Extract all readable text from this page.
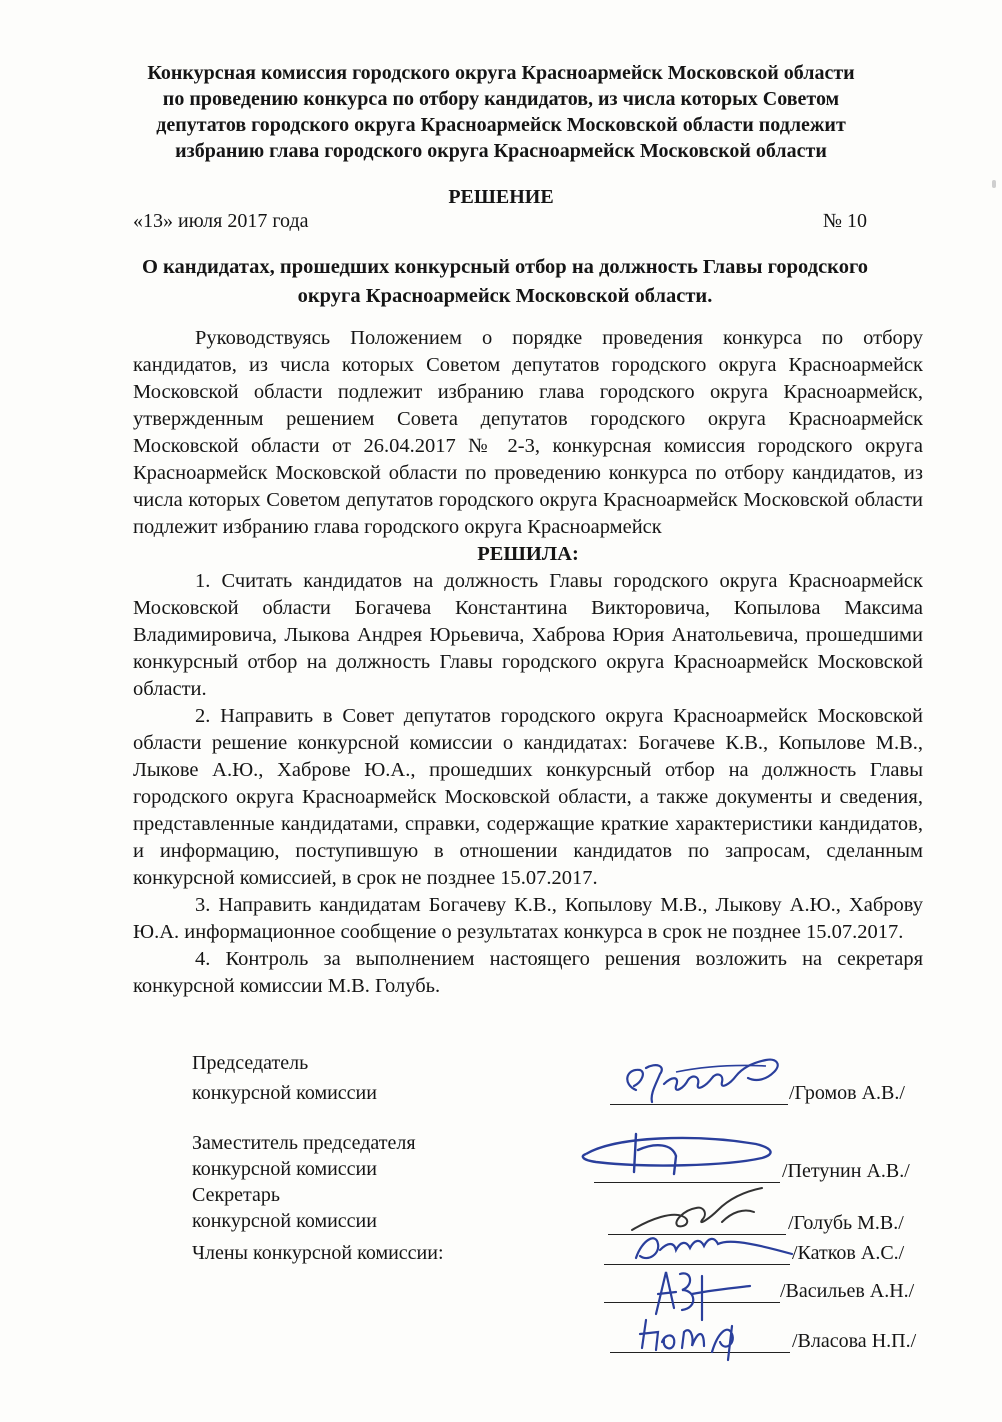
Конкурсная комиссия городского округа Красноармейск Московской области
по проведению конкурса по отбору кандидатов, из числа которых Советом
депутатов городского округа Красноармейск Московской области подлежит
избранию глава городского округа Красноармейск Московской области
РЕШЕНИЕ
«13» июля 2017 года	№ 10
О кандидатах, прошедших конкурсный отбор на должность Главы городского
округа Красноармейск Московской области.

Руководствуясь Положением о порядке проведения конкурса по отбору кандидатов, из числа которых Советом депутатов городского округа Красноармейск Московской области подлежит избранию глава городского округа Красноармейск, утвержденным решением Совета депутатов городского округа Красноармейск Московской области от 26.04.2017 № 2-3, конкурсная комиссия городского округа Красноармейск Московской области по проведению конкурса по отбору кандидатов, из числа которых Советом депутатов городского округа Красноармейск Московской области подлежит избранию глава городского округа Красноармейск

РЕШИЛА:

1. Считать кандидатов на должность Главы городского округа Красноармейск Московской области Богачева Константина Викторовича, Копылова Максима Владимировича, Лыкова Андрея Юрьевича, Хаброва Юрия Анатольевича, прошедшими конкурсный отбор на должность Главы городского округа Красноармейск Московской области.

2. Направить в Совет депутатов городского округа Красноармейск Московской области решение конкурсной комиссии о кандидатах: Богачеве К.В., Копылове М.В., Лыкове А.Ю., Хаброве Ю.А., прошедших конкурсный отбор на должность Главы городского округа Красноармейск Московской области, а также документы и сведения, представленные кандидатами, справки, содержащие краткие характеристики кандидатов, и информацию, поступившую в отношении кандидатов по запросам, сделанным конкурсной комиссией, в срок не позднее 15.07.2017.

3. Направить кандидатам Богачеву К.В., Копылову М.В., Лыкову А.Ю., Хаброву Ю.А. информационное сообщение о результатах конкурса в срок не позднее 15.07.2017.

4. Контроль за выполнением настоящего решения возложить на секретаря конкурсной комиссии М.В. Голубь.

Председатель
конкурсной комиссии	/Громов А.В./
Заместитель председателя
конкурсной комиссии	/Петунин А.В./
Секретарь
конкурсной комиссии	/Голубь М.В./
Члены конкурсной комиссии:	/Катков А.С./
/Васильев А.Н./
/Власова Н.П./
